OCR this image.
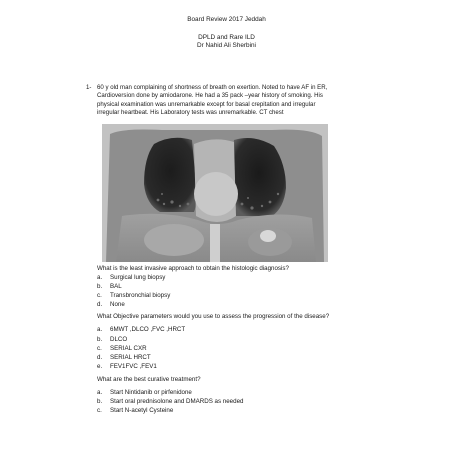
Board Review 2017 Jeddah
DPLD and Rare ILD
Dr Nahid Ali Sherbini
1- 60 y old man complaining of shortness of breath on exertion. Noted to have AF in ER,
Cardioversion done by amiodarone. He had a 35 pack –year history of smoking. His
physical examination was unremarkable except for basal crepitation and irregular
irregular heartbeat. His Laboratory tests was unremarkable. CT chest
What is the least invasive approach to obtain the histologic diagnosis?
a. Surgical lung biopsy
b. BAL
c. Transbronchial biopsy
d. None
What Objective parameters would you use to assess the progression of the disease?
a. 6MWT ,DLCO ,FVC ,HRCT
b. DLCO
c. SERIAL CXR
d. SERIAL HRCT
e. FEV1FVC ,FEV1
What are the best curative treatment?
a. Start Nintidanib or pirfenidone
b. Start oral prednisolone and DMARDS as needed
c. Start N-acetyl Cysteine
